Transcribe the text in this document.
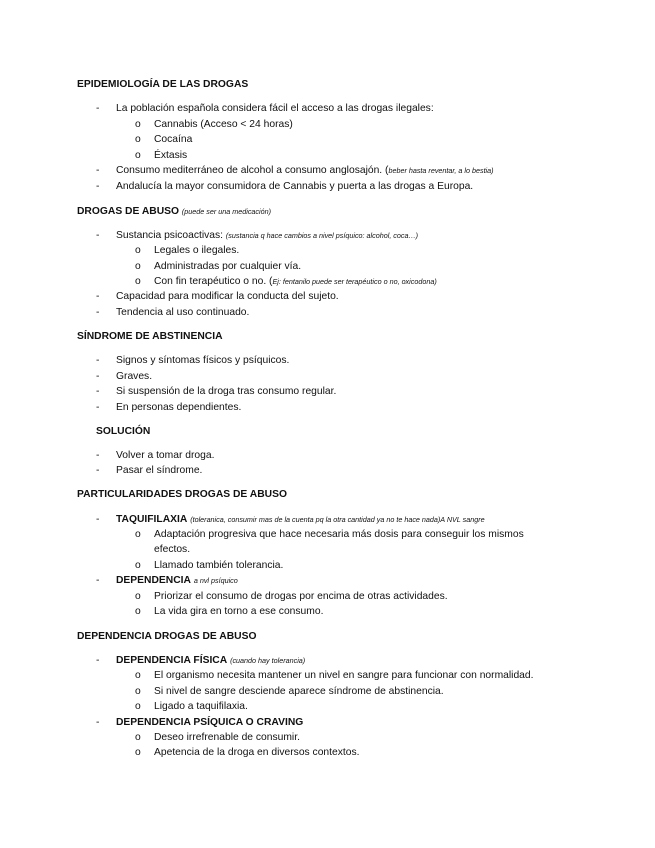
EPIDEMIOLOGÍA DE LAS DROGAS
- La población española considera fácil el acceso a las drogas ilegales:
o Cannabis (Acceso < 24 horas)
o Cocaína
o Éxtasis
- Consumo mediterráneo de alcohol a consumo anglosajón. (beber hasta reventar, a lo bestia)
- Andalucía la mayor consumidora de Cannabis y puerta a las drogas a Europa.
DROGAS DE ABUSO (puede ser una medicación)
- Sustancia psicoactivas: (sustancia q hace cambios a nivel psíquico: alcohol, coca…)
o Legales o ilegales.
o Administradas por cualquier vía.
o Con fin terapéutico o no. (Ej: fentanilo puede ser terapéutico o no, oxicodona)
- Capacidad para modificar la conducta del sujeto.
- Tendencia al uso continuado.
SÍNDROME DE ABSTINENCIA
- Signos y síntomas físicos y psíquicos.
- Graves.
- Si suspensión de la droga tras consumo regular.
- En personas dependientes.
SOLUCIÓN
- Volver a tomar droga.
- Pasar el síndrome.
PARTICULARIDADES DROGAS DE ABUSO
- TAQUIFILAXIA (toleranica, consumir mas de la cuenta pq la otra cantidad ya no te hace nada)A NVL sangre
o Adaptación progresiva que hace necesaria más dosis para conseguir los mismos
efectos.
o Llamado también tolerancia.
- DEPENDENCIA a nvl psíquico
o Priorizar el consumo de drogas por encima de otras actividades.
o La vida gira en torno a ese consumo.
DEPENDENCIA DROGAS DE ABUSO
- DEPENDENCIA FÍSICA (cuando hay tolerancia)
o El organismo necesita mantener un nivel en sangre para funcionar con normalidad.
o Si nivel de sangre desciende aparece síndrome de abstinencia.
o Ligado a taquifilaxia.
- DEPENDENCIA PSÍQUICA O CRAVING
o Deseo irrefrenable de consumir.
o Apetencia de la droga en diversos contextos.
